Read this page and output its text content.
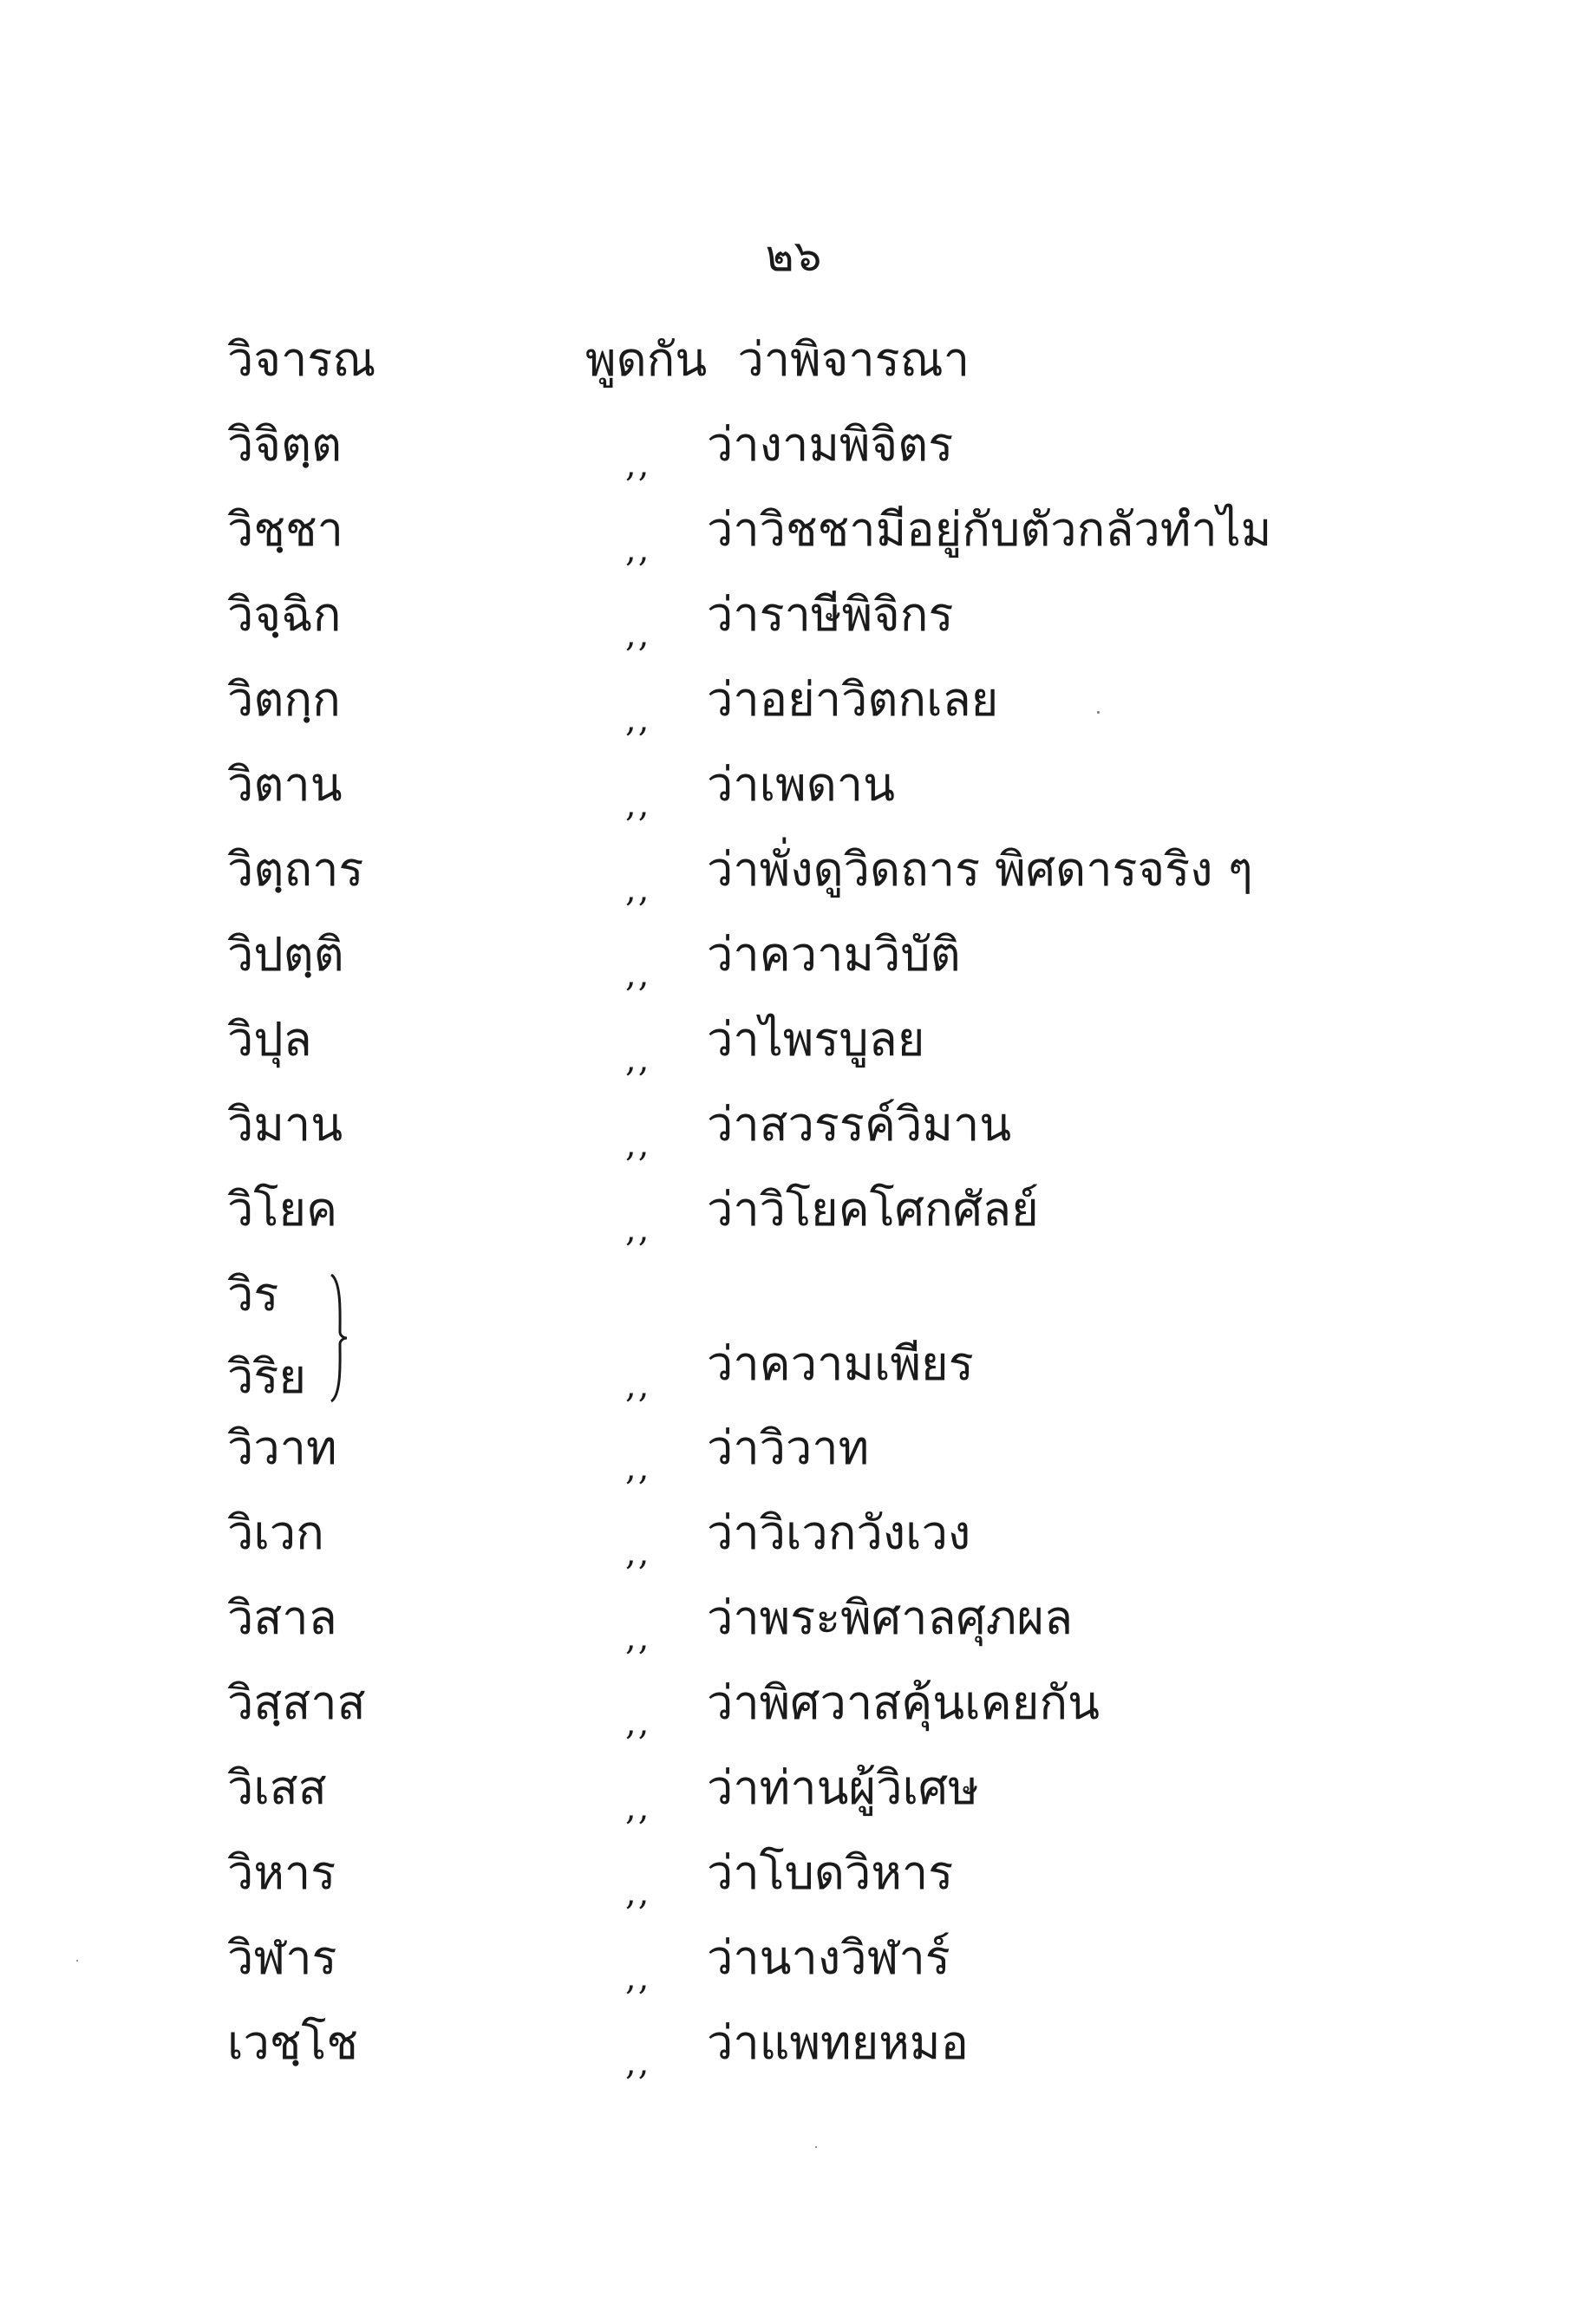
๒๖
วิจารณ	พูดกัน ว่าพิจารณา
วิจิตฺต	,, ว่างามพิจิตร
วิชฺชา	,, ว่าวิชชามีอยู่กับตัวกลัวทำไม
วิจฺฉิก	,, ว่าราษีพิจิกร
วิตกฺก	,, ว่าอย่าวิตกเลย
วิตาน	,, ว่าเพดาน
วิตฺถาร	,, ว่าพั่งดูวิดถาร พิศดารจริง ๆ
วิปตฺติ	,, ว่าความวิบัติ
วิปุล	,, ว่าไพรบูลย
วิมาน	,, ว่าสวรรค์วิมาน
วิโยค	,, ว่าวิโยคโศกศัลย์
วิร
วิริย	,, ว่าความเพียร
วิวาท	,, ว่าวิวาท
วิเวก	,, ว่าวิเวกวังเวง
วิสาล	,, ว่าพระพิศาลศุภผล
วิสฺสาส	,, ว่าพิศวาสคุ้นเคยกัน
วิเสส	,, ว่าท่านผู้วิเศษ
วิหาร	,, ว่าโบดวิหาร
วิฬาร	,, ว่านางวิฬาร์
เวชฺโช	,, ว่าแพทยหมอ
